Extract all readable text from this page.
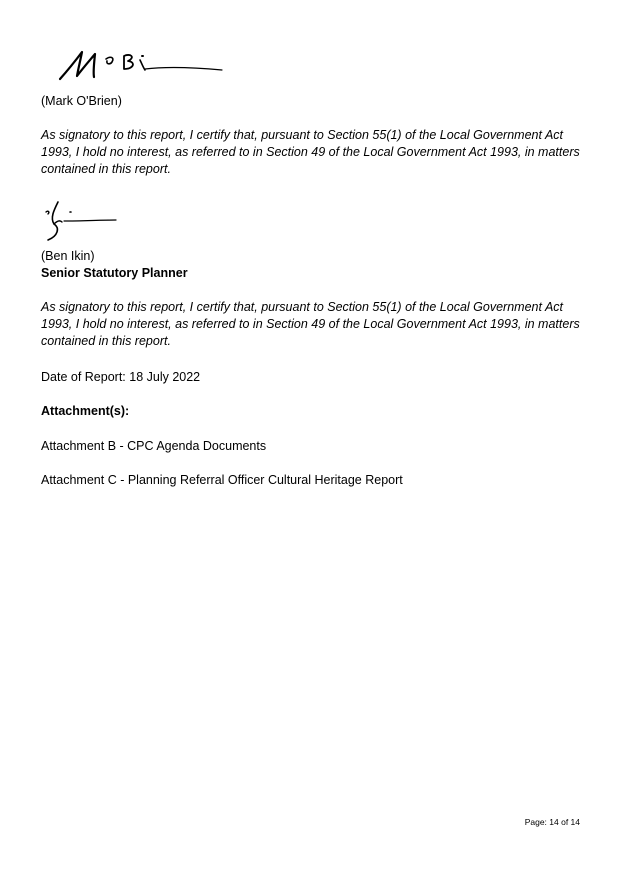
(Mark O'Brien)
As signatory to this report, I certify that, pursuant to Section 55(1) of the Local Government Act 1993, I hold no interest, as referred to in Section 49 of the Local Government Act 1993, in matters contained in this report.
(Ben Ikin)
Senior Statutory Planner
As signatory to this report, I certify that, pursuant to Section 55(1) of the Local Government Act 1993, I hold no interest, as referred to in Section 49 of the Local Government Act 1993, in matters contained in this report.
Date of Report: 18 July 2022
Attachment(s):
Attachment B - CPC Agenda Documents
Attachment C - Planning Referral Officer Cultural Heritage Report
Page: 14 of 14
